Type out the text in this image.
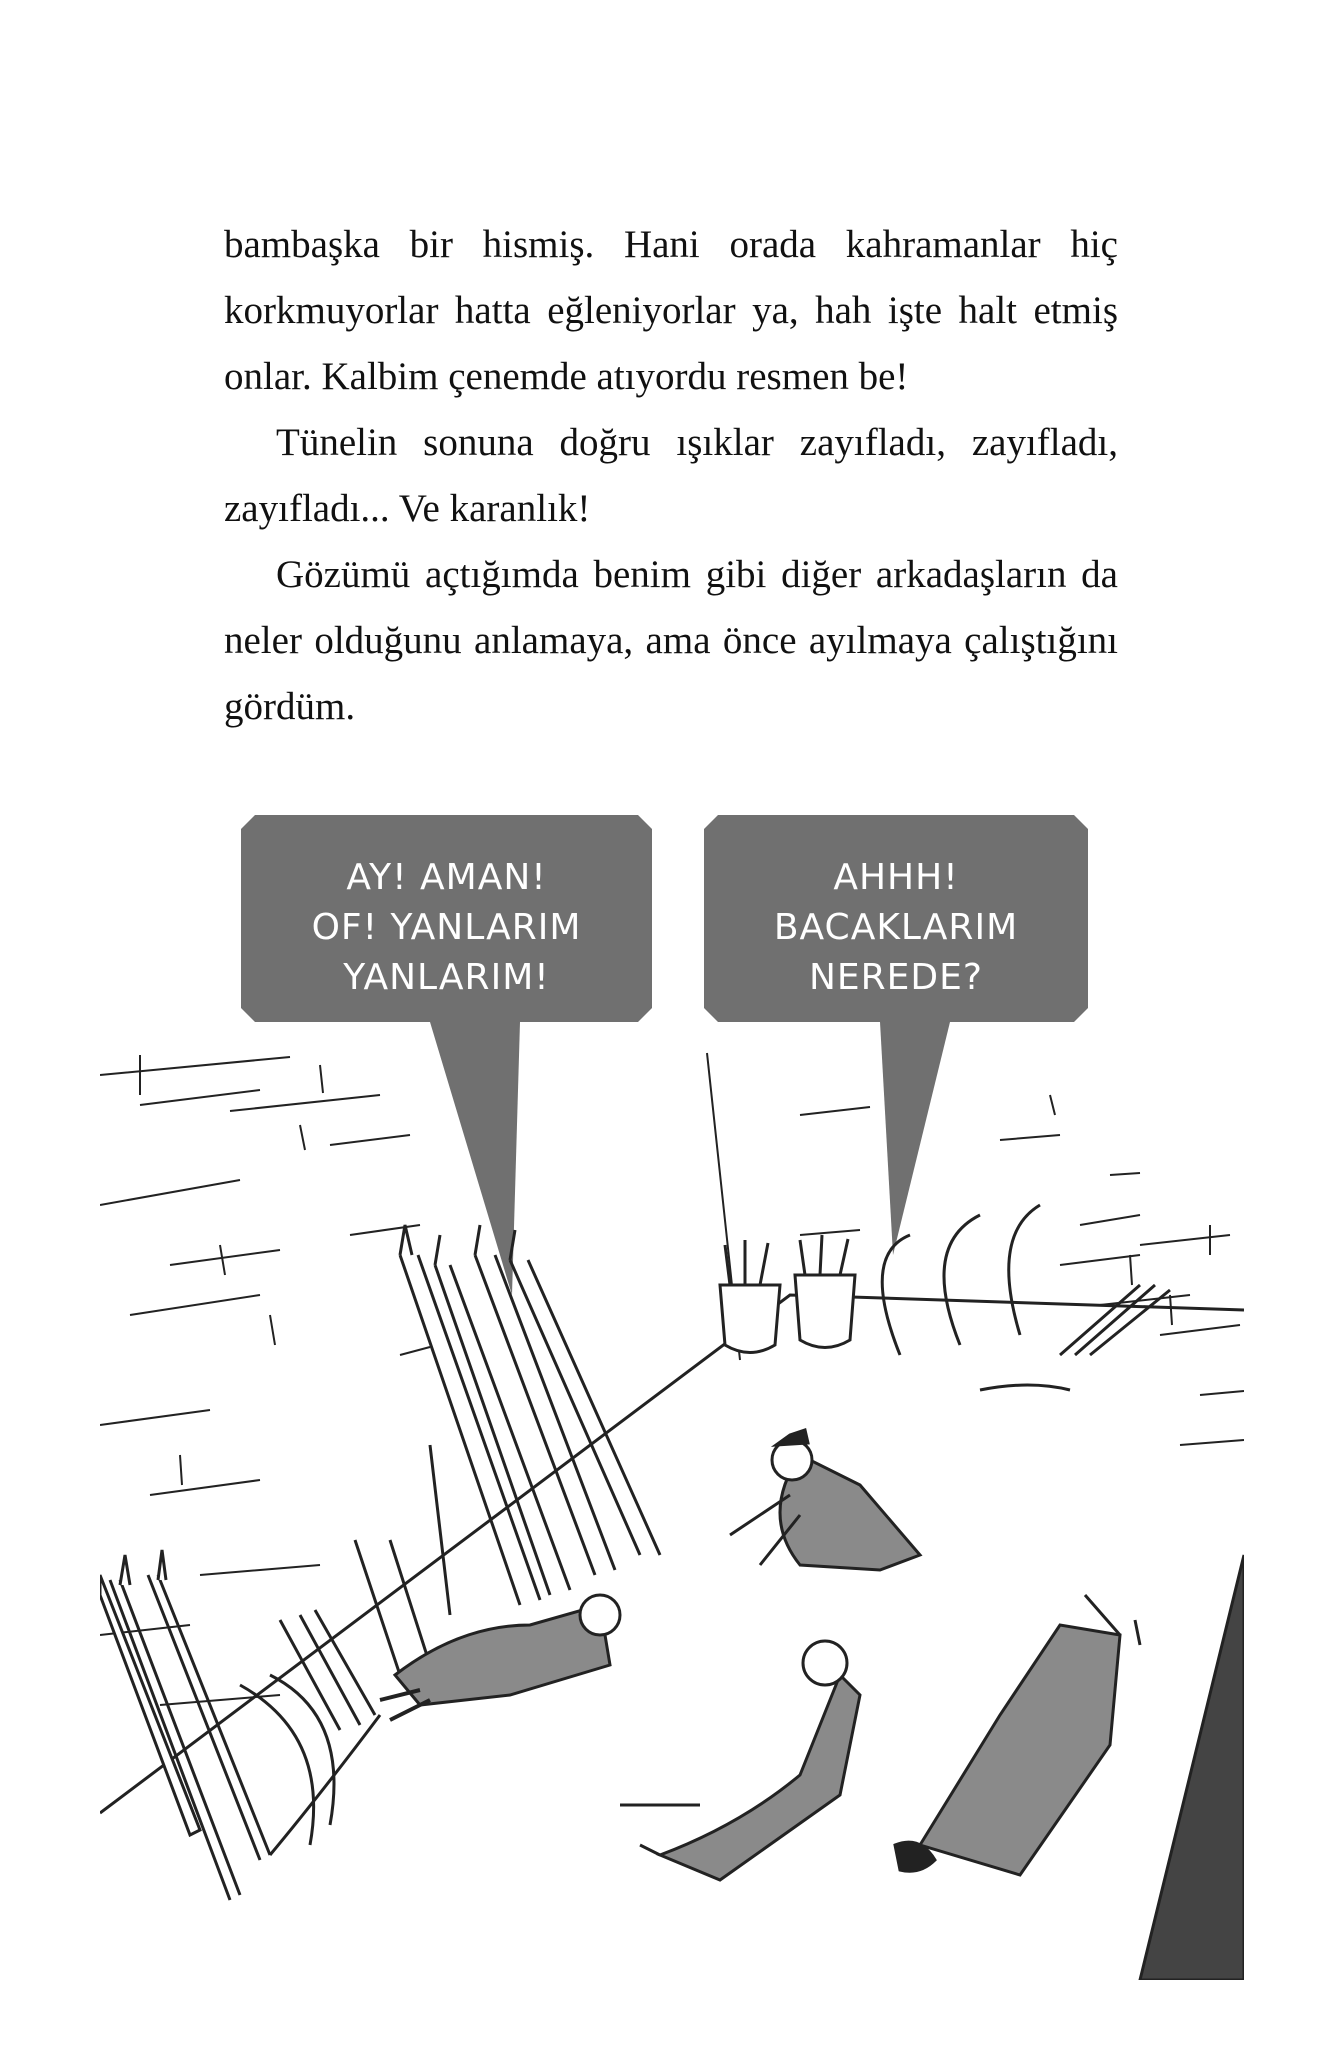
bambaşka bir hismiş. Hani orada kahramanlar hiç korkmuyorlar hatta eğleniyorlar ya, hah işte halt etmiş onlar. Kalbim çenemde atıyordu resmen be!

Tünelin sonuna doğru ışıklar zayıfladı, zayıfladı, zayıfladı... Ve karanlık!

Gözümü açtığımda benim gibi diğer arkadaşların da neler olduğunu anlamaya, ama önce ayılmaya çalıştığını gördüm.

AY! AMAN!
OF! YANLARIM
YANLARIM!
AHHH!
BACAKLARIM
NEREDE?
